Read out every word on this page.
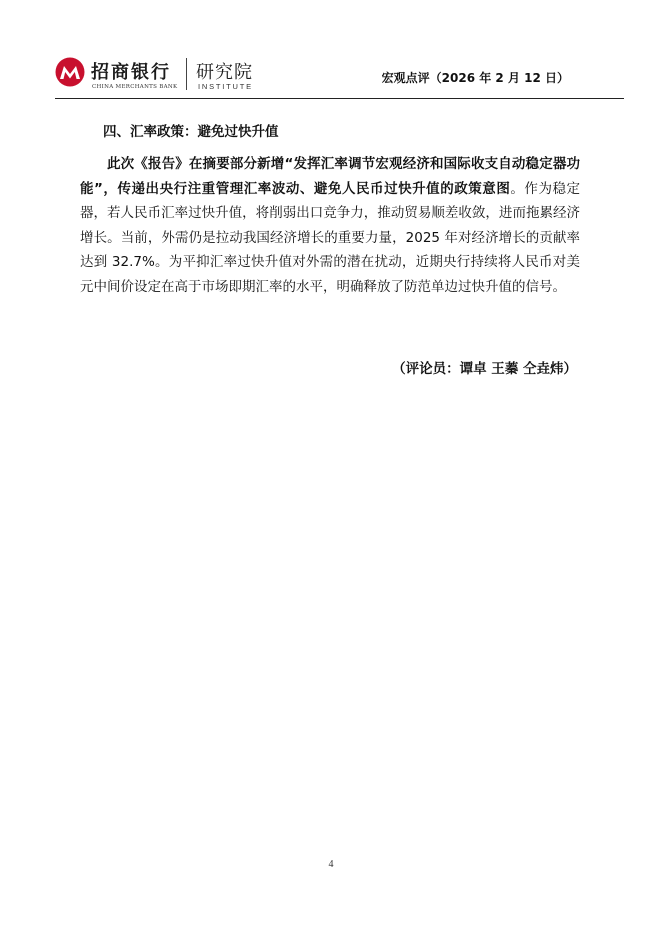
招商银行
CHINA MERCHANTS BANK
研究院
INSTITUTE
宏观点评（2026 年 2 月 12 日）
四、汇率政策：避免过快升值
此次《报告》在摘要部分新增“发挥汇率调节宏观经济和国际收支自动稳定器功能”，传递出央行注重管理汇率波动、避免人民币过快升值的政策意图。作为稳定器，若人民币汇率过快升值，将削弱出口竞争力，推动贸易顺差收敛，进而拖累经济增长。当前，外需仍是拉动我国经济增长的重要力量，2025 年对经济增长的贡献率达到 32.7%。为平抑汇率过快升值对外需的潜在扰动，近期央行持续将人民币对美元中间价设定在高于市场即期汇率的水平，明确释放了防范单边过快升值的信号。
（评论员：谭卓 王蓁 仝垚炜）
4
